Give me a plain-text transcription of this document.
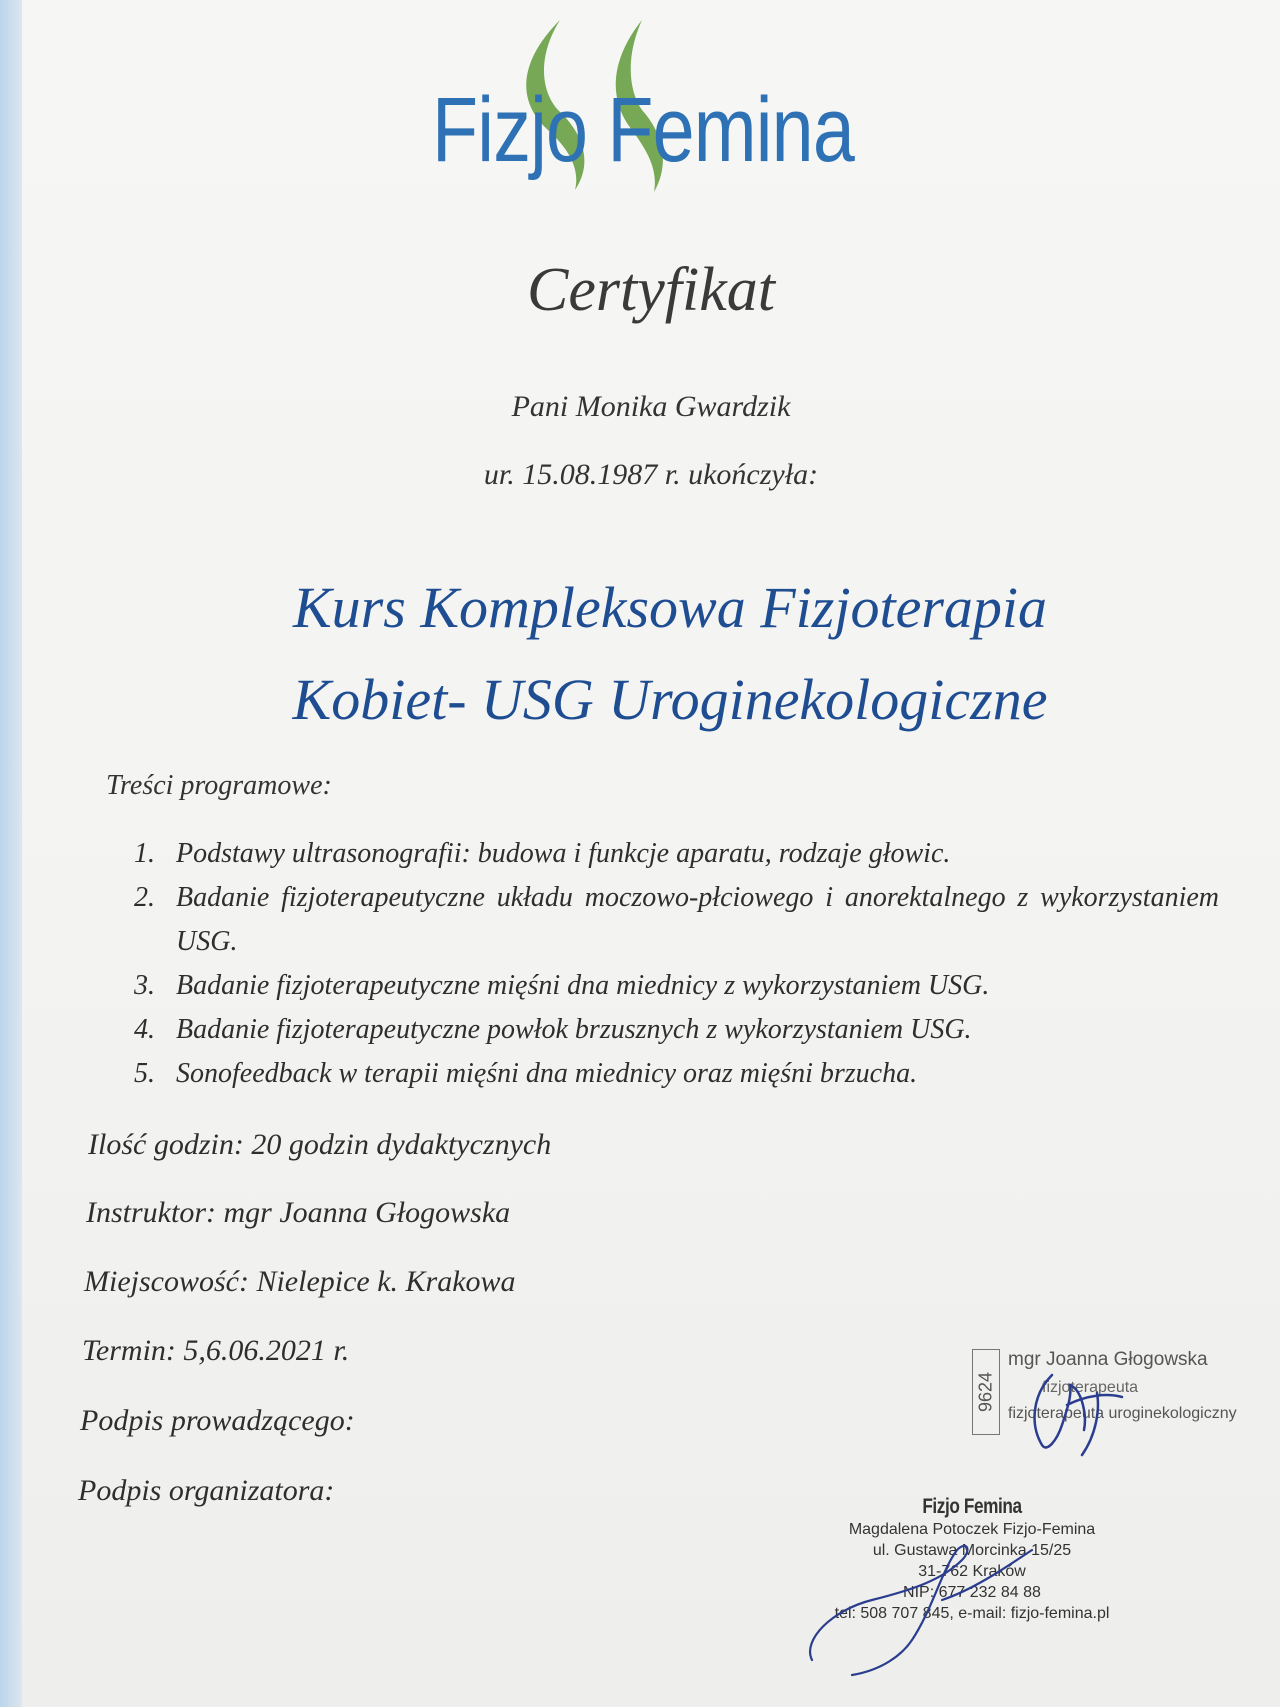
Fizjo Femina
Certyfikat
Pani Monika Gwardzik
ur. 15.08.1987 r. ukończyła:
Kurs Kompleksowa Fizjoterapia
Kobiet- USG Uroginekologiczne
Treści programowe:
1. Podstawy ultrasonografii: budowa i funkcje aparatu, rodzaje głowic.
2. Badanie fizjoterapeutyczne układu moczowo-płciowego i anorektalnego z wykorzystaniem USG.
3. Badanie fizjoterapeutyczne mięśni dna miednicy z wykorzystaniem USG.
4. Badanie fizjoterapeutyczne powłok brzusznych z wykorzystaniem USG.
5. Sonofeedback w terapii mięśni dna miednicy oraz mięśni brzucha.
Ilość godzin: 20 godzin dydaktycznych
Instruktor: mgr Joanna Głogowska
Miejscowość: Nielepice k. Krakowa
Termin: 5,6.06.2021 r.
Podpis prowadzącego:
Podpis organizatora:
9624
mgr Joanna Głogowska
fizjoterapeuta
fizjoterapeuta uroginekologiczny
Fizjo Femina
Magdalena Potoczek Fizjo-Femina
ul. Gustawa Morcinka 15/25
31-762 Kraków
NIP: 677 232 84 88
tel: 508 707 845, e-mail: fizjo-femina.pl
